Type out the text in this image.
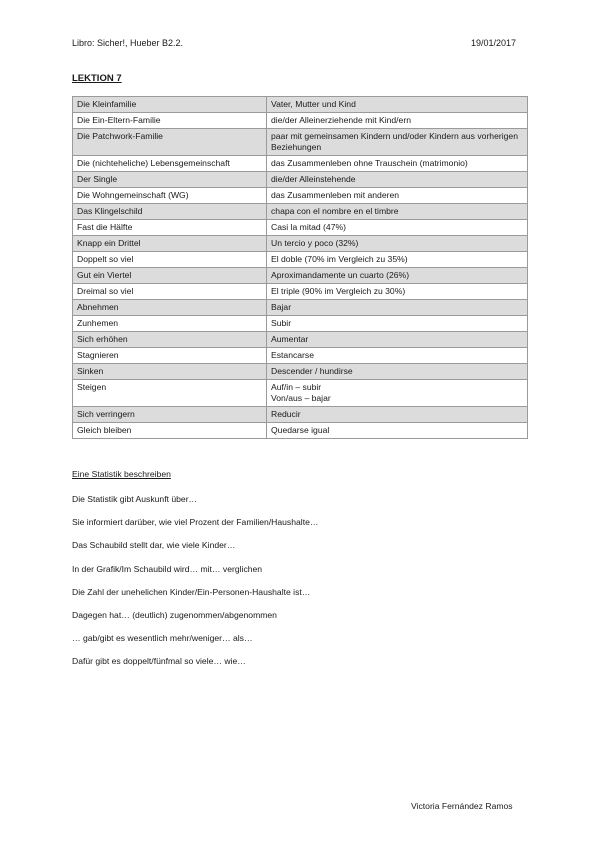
Libro: Sicher!, Hueber B2.2.	19/01/2017
LEKTION 7
Die Kleinfamilie	Vater, Mutter und Kind
Die Ein-Eltern-Familie	die/der Alleinerziehende mit Kind/ern
Die Patchwork-Familie	paar mit gemeinsamen Kindern und/oder Kindern aus vorherigen Beziehungen
Die (nichteheliche) Lebensgemeinschaft	das Zusammenleben ohne Trauschein (matrimonio)
Der Single	die/der Alleinstehende
Die Wohngemeinschaft (WG)	das Zusammenleben mit anderen
Das Klingelschild	chapa con el nombre en el timbre
Fast die Hälfte	Casi la mitad (47%)
Knapp ein Drittel	Un tercio y poco (32%)
Doppelt so viel	El doble (70% im Vergleich zu 35%)
Gut ein Viertel	Aproximandamente un cuarto (26%)
Dreimal so viel	El triple (90% im Vergleich zu 30%)
Abnehmen	Bajar
Zunhemen	Subir
Sich erhöhen	Aumentar
Stagnieren	Estancarse
Sinken	Descender / hundirse
Steigen	Auf/in – subir
Von/aus – bajar
Sich verringern	Reducir
Gleich bleiben	Quedarse igual
Eine Statistik beschreiben
Die Statistik gibt Auskunft über…
Sie informiert darüber, wie viel Prozent der Familien/Haushalte…
Das Schaubild stellt dar, wie viele Kinder…
In der Grafik/Im Schaubild wird… mit… verglichen
Die Zahl der unehelichen Kinder/Ein-Personen-Haushalte ist…
Dagegen hat… (deutlich) zugenommen/abgenommen
… gab/gibt es wesentlich mehr/weniger… als…
Dafür gibt es doppelt/fünfmal so viele… wie…
Victoria Fernández Ramos
